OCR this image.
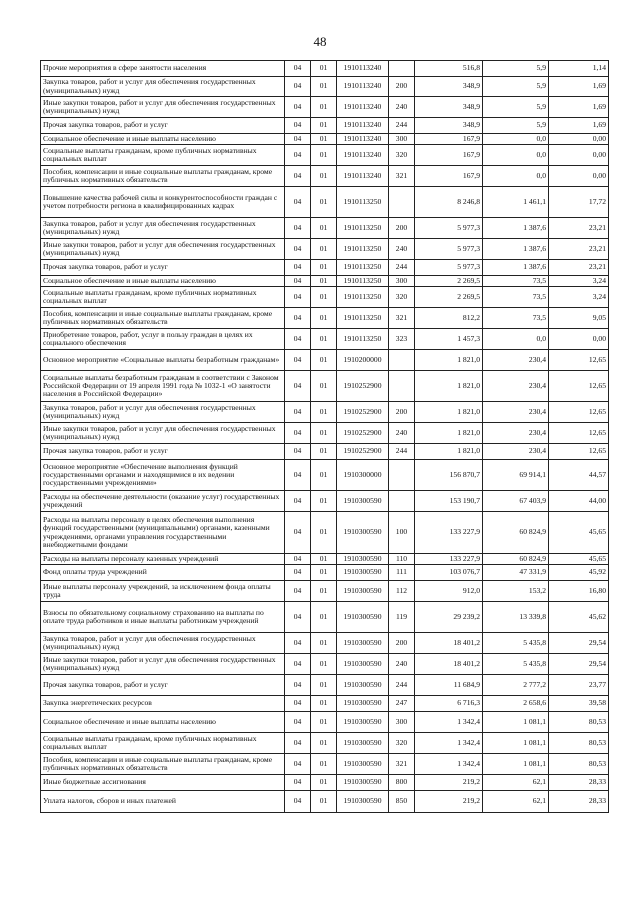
48
Прочие мероприятия в сфере занятости населения	04	01	1910113240		516,8	5,9	1,14
Закупка товаров, работ и услуг для обеспечения государственных (муниципальных) нужд	04	01	1910113240	200	348,9	5,9	1,69
Иные закупки товаров, работ и услуг для обеспечения государственных (муниципальных) нужд	04	01	1910113240	240	348,9	5,9	1,69
Прочая закупка товаров, работ и услуг	04	01	1910113240	244	348,9	5,9	1,69
Социальное обеспечение и иные выплаты населению	04	01	1910113240	300	167,9	0,0	0,00
Социальные выплаты гражданам, кроме публичных нормативных социальных выплат	04	01	1910113240	320	167,9	0,0	0,00
Пособия, компенсации и иные социальные выплаты гражданам, кроме публичных нормативных обязательств	04	01	1910113240	321	167,9	0,0	0,00
Повышение качества рабочей силы и конкурентоспособности граждан с учетом потребности региона в квалифицированных кадрах	04	01	1910113250		8 246,8	1 461,1	17,72
Закупка товаров, работ и услуг для обеспечения государственных (муниципальных) нужд	04	01	1910113250	200	5 977,3	1 387,6	23,21
Иные закупки товаров, работ и услуг для обеспечения государственных (муниципальных) нужд	04	01	1910113250	240	5 977,3	1 387,6	23,21
Прочая закупка товаров, работ и услуг	04	01	1910113250	244	5 977,3	1 387,6	23,21
Социальное обеспечение и иные выплаты населению	04	01	1910113250	300	2 269,5	73,5	3,24
Социальные выплаты гражданам, кроме публичных нормативных социальных выплат	04	01	1910113250	320	2 269,5	73,5	3,24
Пособия, компенсации и иные социальные выплаты гражданам, кроме публичных нормативных обязательств	04	01	1910113250	321	812,2	73,5	9,05
Приобретение товаров, работ, услуг в пользу граждан в целях их социального обеспечения	04	01	1910113250	323	1 457,3	0,0	0,00
Основное мероприятие «Социальные выплаты безработным гражданам»	04	01	1910200000		1 821,0	230,4	12,65
Социальные выплаты безработным гражданам в соответствии с Законом Российской Федерации от 19 апреля 1991 года № 1032-1 «О занятости населения в Российской Федерации»	04	01	1910252900		1 821,0	230,4	12,65
Закупка товаров, работ и услуг для обеспечения государственных (муниципальных) нужд	04	01	1910252900	200	1 821,0	230,4	12,65
Иные закупки товаров, работ и услуг для обеспечения государственных (муниципальных) нужд	04	01	1910252900	240	1 821,0	230,4	12,65
Прочая закупка товаров, работ и услуг	04	01	1910252900	244	1 821,0	230,4	12,65
Основное мероприятие «Обеспечение выполнения функций государственными органами и находящимися в их ведении государственными учреждениями»	04	01	1910300000		156 870,7	69 914,1	44,57
Расходы на обеспечение деятельности (оказание услуг) государственных учреждений	04	01	1910300590		153 190,7	67 403,9	44,00
Расходы на выплаты персоналу в целях обеспечения выполнения функций государственными (муниципальными) органами, казенными учреждениями, органами управления государственными внебюджетными фондами	04	01	1910300590	100	133 227,9	60 824,9	45,65
Расходы на выплаты персоналу казенных учреждений	04	01	1910300590	110	133 227,9	60 824,9	45,65
Фонд оплаты труда учреждений	04	01	1910300590	111	103 076,7	47 331,9	45,92
Иные выплаты персоналу учреждений, за исключением фонда оплаты труда	04	01	1910300590	112	912,0	153,2	16,80
Взносы по обязательному социальному страхованию на выплаты по оплате труда работников и иные выплаты работникам учреждений	04	01	1910300590	119	29 239,2	13 339,8	45,62
Закупка товаров, работ и услуг для обеспечения государственных (муниципальных) нужд	04	01	1910300590	200	18 401,2	5 435,8	29,54
Иные закупки товаров, работ и услуг для обеспечения государственных (муниципальных) нужд	04	01	1910300590	240	18 401,2	5 435,8	29,54
Прочая закупка товаров, работ и услуг	04	01	1910300590	244	11 684,9	2 777,2	23,77
Закупка энергетических ресурсов	04	01	1910300590	247	6 716,3	2 658,6	39,58
Социальное обеспечение и иные выплаты населению	04	01	1910300590	300	1 342,4	1 081,1	80,53
Социальные выплаты гражданам, кроме публичных нормативных социальных выплат	04	01	1910300590	320	1 342,4	1 081,1	80,53
Пособия, компенсации и иные социальные выплаты гражданам, кроме публичных нормативных обязательств	04	01	1910300590	321	1 342,4	1 081,1	80,53
Иные бюджетные ассигнования	04	01	1910300590	800	219,2	62,1	28,33
Уплата налогов, сборов и иных платежей	04	01	1910300590	850	219,2	62,1	28,33
